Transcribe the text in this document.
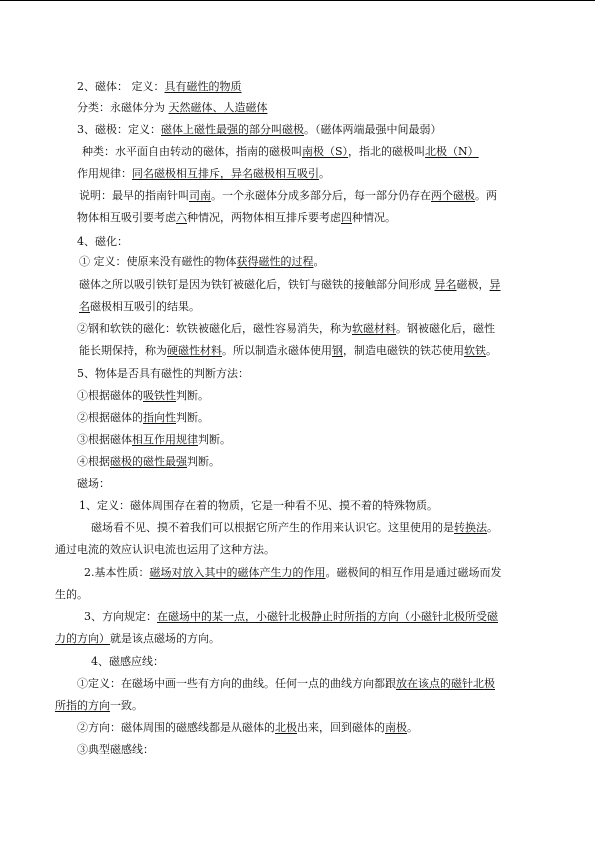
2、磁体： 定义：具有磁性的物质
分类：永磁体分为 天然磁体、人造磁体
3、磁极：定义：磁体上磁性最强的部分叫磁极。（磁体两端最强中间最弱）
种类：水平面自由转动的磁体，指南的磁极叫南极（S），指北的磁极叫北极（N）
作用规律：同名磁极相互排斥，异名磁极相互吸引。
说明：最早的指南针叫司南。一个永磁体分成多部分后，每一部分仍存在两个磁极。两
物体相互吸引要考虑六种情况，两物体相互排斥要考虑四种情况。
4、磁化：
① 定义：使原来没有磁性的物体获得磁性的过程。
磁体之所以吸引铁钉是因为铁钉被磁化后，铁钉与磁铁的接触部分间形成 异名磁极，异
名磁极相互吸引的结果。
②钢和软铁的磁化：软铁被磁化后，磁性容易消失，称为软磁材料。钢被磁化后，磁性
能长期保持，称为硬磁性材料。所以制造永磁体使用钢，制造电磁铁的铁芯使用软铁。
5、物体是否具有磁性的判断方法：
①根据磁体的吸铁性判断。
②根据磁体的指向性判断。
③根据磁体相互作用规律判断。
④根据磁极的磁性最强判断。
磁场：
1、定义：磁体周围存在着的物质，它是一种看不见、摸不着的特殊物质。
磁场看不见、摸不着我们可以根据它所产生的作用来认识它。这里使用的是转换法。
通过电流的效应认识电流也运用了这种方法。
2.基本性质：磁场对放入其中的磁体产生力的作用。磁极间的相互作用是通过磁场而发
生的。
3、方向规定：在磁场中的某一点，小磁针北极静止时所指的方向（小磁针北极所受磁
力的方向）就是该点磁场的方向。
4、磁感应线：
①定义：在磁场中画一些有方向的曲线。任何一点的曲线方向都跟放在该点的磁针北极
所指的方向一致。
②方向：磁体周围的磁感线都是从磁体的北极出来，回到磁体的南极。
③典型磁感线：
